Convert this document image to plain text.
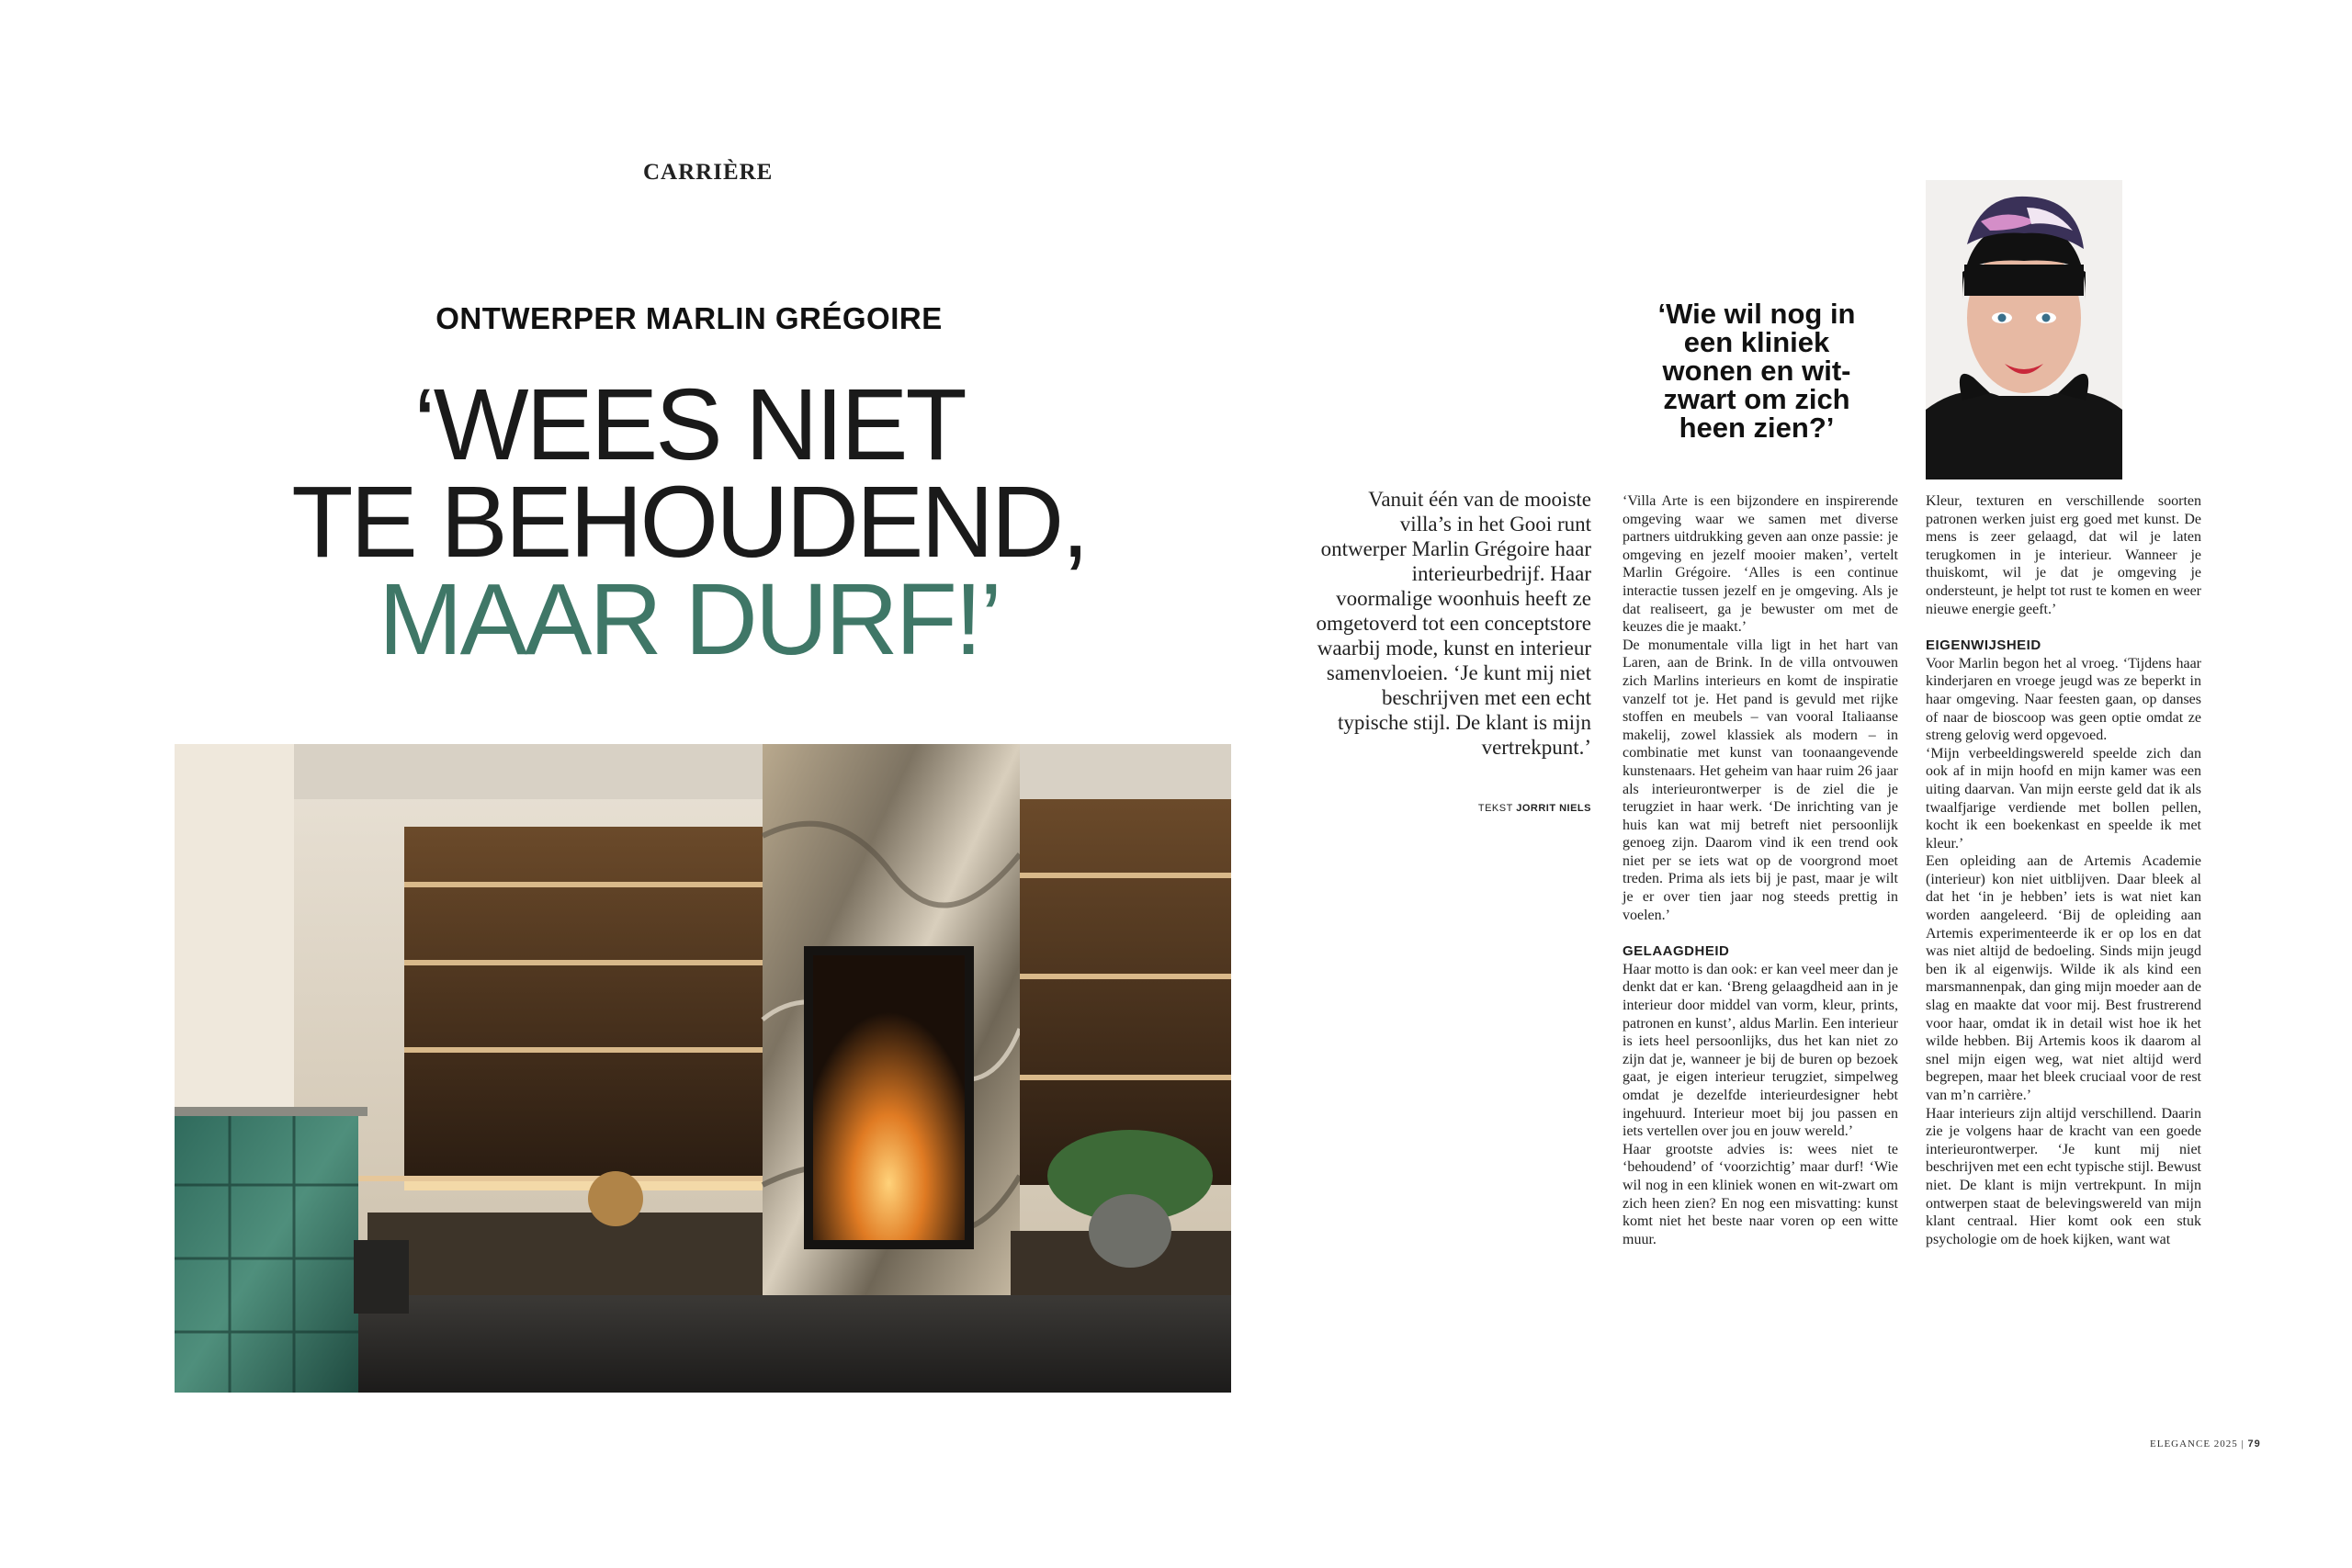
CARRIÈRE
ONTWERPER MARLIN GRÉGOIRE
‘WEES NIET
TE BEHOUDEND,
MAAR DURF!’
Vanuit één van de mooiste villa’s in het Gooi runt ontwerper Marlin Grégoire haar interieurbedrijf. Haar voormalige woonhuis heeft ze omgetoverd tot een conceptstore waarbij mode, kunst en interieur samenvloeien. ‘Je kunt mij niet beschrijven met een echt typische stijl. De klant is mijn vertrekpunt.’
TEKST JORRIT NIELS
‘Wie wil nog in een kliniek wonen en wit-zwart om zich heen zien?’

‘Villa Arte is een bijzondere en inspirerende omgeving waar we samen met diverse partners uitdrukking geven aan onze passie: je omgeving en jezelf mooier maken’, vertelt Marlin Grégoire. ‘Alles is een continue interactie tussen jezelf en je omgeving. Als je dat realiseert, ga je bewuster om met de keuzes die je maakt.’

De monumentale villa ligt in het hart van Laren, aan de Brink. In de villa ontvouwen zich Marlins interieurs en komt de inspiratie vanzelf tot je. Het pand is gevuld met rijke stoffen en meubels – van vooral Italiaanse makelij, zowel klassiek als modern – in combinatie met kunst van toonaangevende kunstenaars. Het geheim van haar ruim 26 jaar als interieurontwerper is de ziel die je terugziet in haar werk. ‘De inrichting van je huis kan wat mij betreft niet persoonlijk genoeg zijn. Daarom vind ik een trend ook niet per se iets wat op de voorgrond moet treden. Prima als iets bij je past, maar je wilt je er over tien jaar nog steeds prettig in voelen.’

GELAAGDHEID

Haar motto is dan ook: er kan veel meer dan je denkt dat er kan. ‘Breng gelaagdheid aan in je interieur door middel van vorm, kleur, prints, patronen en kunst’, aldus Marlin. Een interieur is iets heel persoonlijks, dus het kan niet zo zijn dat je, wanneer je bij de buren op bezoek gaat, je eigen interieur terugziet, simpelweg omdat je dezelfde interieurdesigner hebt ingehuurd. Interieur moet bij jou passen en iets vertellen over jou en jouw wereld.’

Haar grootste advies is: wees niet te ‘behoudend’ of ‘voorzichtig’ maar durf! ‘Wie wil nog in een kliniek wonen en wit-zwart om zich heen zien? En nog een misvatting: kunst komt niet het beste naar voren op een witte muur.

Kleur, texturen en verschillende soorten patronen werken juist erg goed met kunst. De mens is zeer gelaagd, dat wil je laten terugkomen in je interieur. Wanneer je thuiskomt, wil je dat je omgeving je ondersteunt, je helpt tot rust te komen en weer nieuwe energie geeft.’

EIGENWIJSHEID

Voor Marlin begon het al vroeg. ‘Tijdens haar kinderjaren en vroege jeugd was ze beperkt in haar omgeving. Naar feesten gaan, op danses of naar de bioscoop was geen optie omdat ze streng gelovig werd opgevoed.

‘Mijn verbeeldingswereld speelde zich dan ook af in mijn hoofd en mijn kamer was een uiting daarvan. Van mijn eerste geld dat ik als twaalfjarige verdiende met bollen pellen, kocht ik een boekenkast en speelde ik met kleur.’

Een opleiding aan de Artemis Academie (interieur) kon niet uitblijven. Daar bleek al dat het ‘in je hebben’ iets is wat niet kan worden aangeleerd. ‘Bij de opleiding aan Artemis experimenteerde ik er op los en dat was niet altijd de bedoeling. Sinds mijn jeugd ben ik al eigenwijs. Wilde ik als kind een marsmannenpak, dan ging mijn moeder aan de slag en maakte dat voor mij. Best frustrerend voor haar, omdat ik in detail wist hoe ik het wilde hebben. Bij Artemis koos ik daarom al snel mijn eigen weg, wat niet altijd werd begrepen, maar het bleek cruciaal voor de rest van m’n carrière.’

Haar interieurs zijn altijd verschillend. Daarin zie je volgens haar de kracht van een goede interieurontwerper. ‘Je kunt mij niet beschrijven met een echt typische stijl. Bewust niet. De klant is mijn vertrekpunt. In mijn ontwerpen staat de belevingswereld van mijn klant centraal. Hier komt ook een stuk psychologie om de hoek kijken, want wat

ELEGANCE 2025 | 79
